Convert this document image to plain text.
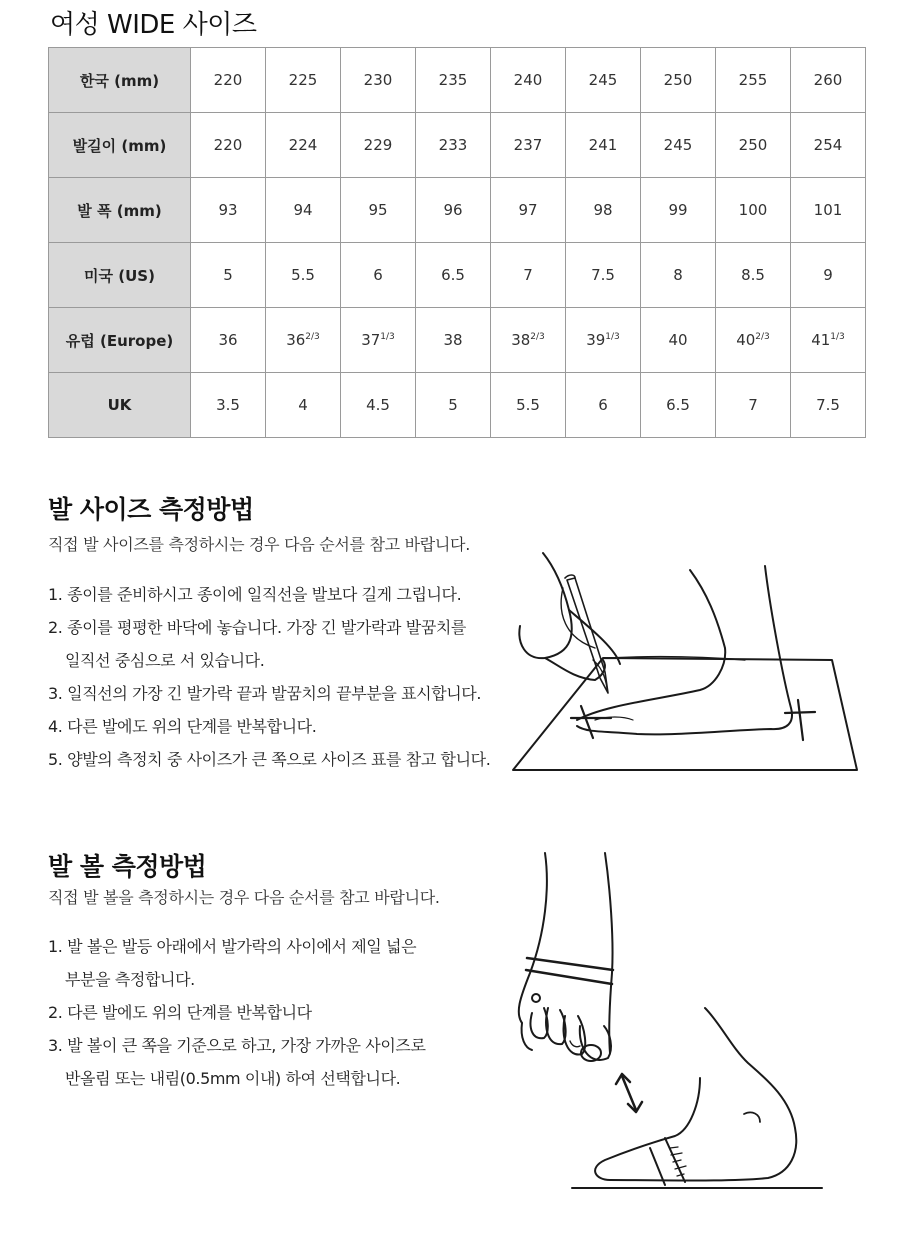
여성 WIDE 사이즈
한국 (mm)	220	225	230	235	240	245	250	255	260
발길이 (mm)	220	224	229	233	237	241	245	250	254
발 폭 (mm)	93	94	95	96	97	98	99	100	101
미국 (US)	5	5.5	6	6.5	7	7.5	8	8.5	9
유럽 (Europe)	36	$36^{2/3}$	$37^{1/3}$	38	$38^{2/3}$	$39^{1/3}$	40	$40^{2/3}$	$41^{1/3}$
UK	3.5	4	4.5	5	5.5	6	6.5	7	7.5
발 사이즈 측정방법

직접 발 사이즈를 측정하시는 경우 다음 순서를 참고 바랍니다.

1. 종이를 준비하시고 종이에 일직선을 발보다 길게 그립니다.
2. 종이를 평평한 바닥에 놓습니다. 가장 긴 발가락과 발꿈치를
일직선 중심으로 서 있습니다.
3. 일직선의 가장 긴 발가락 끝과 발꿈치의 끝부분을 표시합니다.
4. 다른 발에도 위의 단계를 반복합니다.
5. 양발의 측정치 중 사이즈가 큰 쪽으로 사이즈 표를 참고 합니다.
발 볼 측정방법

직접 발 볼을 측정하시는 경우 다음 순서를 참고 바랍니다.

1. 발 볼은 발등 아래에서 발가락의 사이에서 제일 넓은
부분을 측정합니다.
2. 다른 발에도 위의 단계를 반복합니다
3. 발 볼이 큰 쪽을 기준으로 하고, 가장 가까운 사이즈로
반올림 또는 내림(0.5mm 이내) 하여 선택합니다.
